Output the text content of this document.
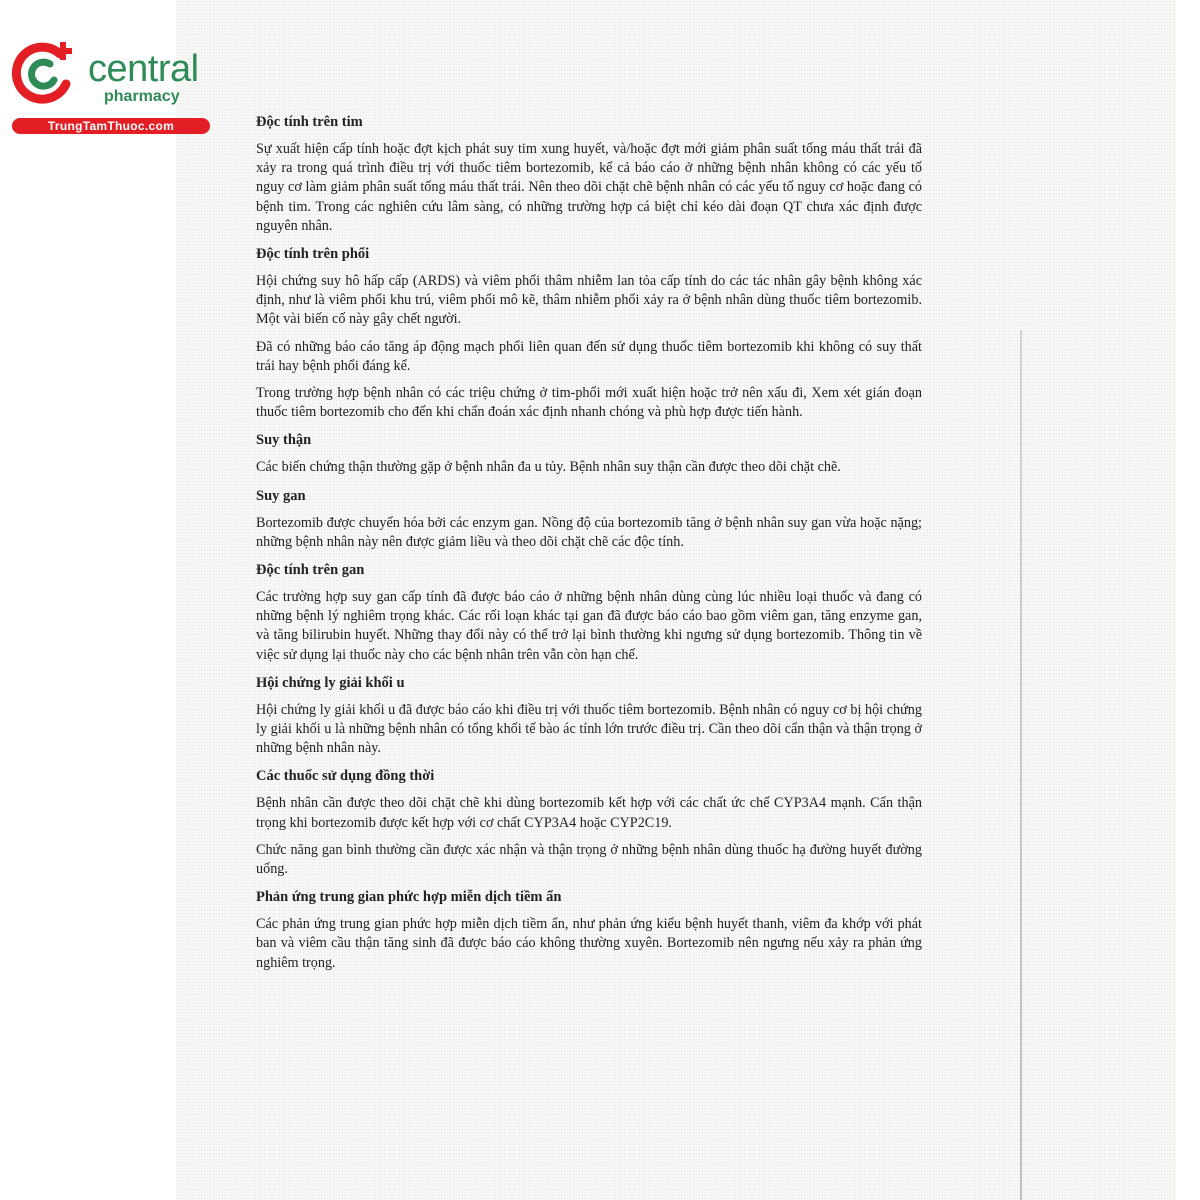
central
pharmacy
TrungTamThuoc.com	Độc tính trên tim

Sự xuất hiện cấp tính hoặc đợt kịch phát suy tim xung huyết, và/hoặc đợt mới giảm phân suất tống máu thất trái đã xảy ra trong quá trình điều trị với thuốc tiêm bortezomib, kể cả báo cáo ở những bệnh nhân không có các yếu tố nguy cơ làm giảm phân suất tống máu thất trái. Nên theo dõi chặt chẽ bệnh nhân có các yếu tố nguy cơ hoặc đang có bệnh tim. Trong các nghiên cứu lâm sàng, có những trường hợp cá biệt chỉ kéo dài đoạn QT chưa xác định được nguyên nhân.

Độc tính trên phổi

Hội chứng suy hô hấp cấp (ARDS) và viêm phổi thâm nhiễm lan tỏa cấp tính do các tác nhân gây bệnh không xác định, như là viêm phổi khu trú, viêm phổi mô kẽ, thâm nhiễm phổi xảy ra ở bệnh nhân dùng thuốc tiêm bortezomib. Một vài biến cố này gây chết người.

Đã có những báo cáo tăng áp động mạch phổi liên quan đến sử dụng thuốc tiêm bortezomib khi không có suy thất trái hay bệnh phổi đáng kể.

Trong trường hợp bệnh nhân có các triệu chứng ở tim-phổi mới xuất hiện hoặc trở nên xấu đi, Xem xét gián đoạn thuốc tiêm bortezomib cho đến khi chẩn đoán xác định nhanh chóng và phù hợp được tiến hành.

Suy thận

Các biến chứng thận thường gặp ở bệnh nhân đa u tủy. Bệnh nhân suy thận cần được theo dõi chặt chẽ.

Suy gan

Bortezomib được chuyển hóa bởi các enzym gan. Nồng độ của bortezomib tăng ở bệnh nhân suy gan vừa hoặc nặng; những bệnh nhân này nên được giảm liều và theo dõi chặt chẽ các độc tính.

Độc tính trên gan

Các trường hợp suy gan cấp tính đã được báo cáo ở những bệnh nhân dùng cùng lúc nhiều loại thuốc và đang có những bệnh lý nghiêm trọng khác. Các rối loạn khác tại gan đã được báo cáo bao gồm viêm gan, tăng enzyme gan, và tăng bilirubin huyết. Những thay đổi này có thể trở lại bình thường khi ngưng sử dụng bortezomib. Thông tin về việc sử dụng lại thuốc này cho các bệnh nhân trên vẫn còn hạn chế.

Hội chứng ly giải khối u

Hội chứng ly giải khối u đã được báo cáo khi điều trị với thuốc tiêm bortezomib. Bệnh nhân có nguy cơ bị hội chứng ly giải khối u là những bệnh nhân có tổng khối tế bào ác tính lớn trước điều trị. Cần theo dõi cẩn thận và thận trọng ở những bệnh nhân này.

Các thuốc sử dụng đồng thời

Bệnh nhân cần được theo dõi chặt chẽ khi dùng bortezomib kết hợp với các chất ức chế CYP3A4 mạnh. Cẩn thận trọng khi bortezomib được kết hợp với cơ chất CYP3A4 hoặc CYP2C19.

Chức năng gan bình thường cần được xác nhận và thận trọng ở những bệnh nhân dùng thuốc hạ đường huyết đường uống.

Phản ứng trung gian phức hợp miễn dịch tiềm ẩn

Các phản ứng trung gian phức hợp miễn dịch tiềm ẩn, như phản ứng kiểu bệnh huyết thanh, viêm đa khớp với phát ban và viêm cầu thận tăng sinh đã được báo cáo không thường xuyên. Bortezomib nên ngưng nếu xảy ra phản ứng nghiêm trọng.
